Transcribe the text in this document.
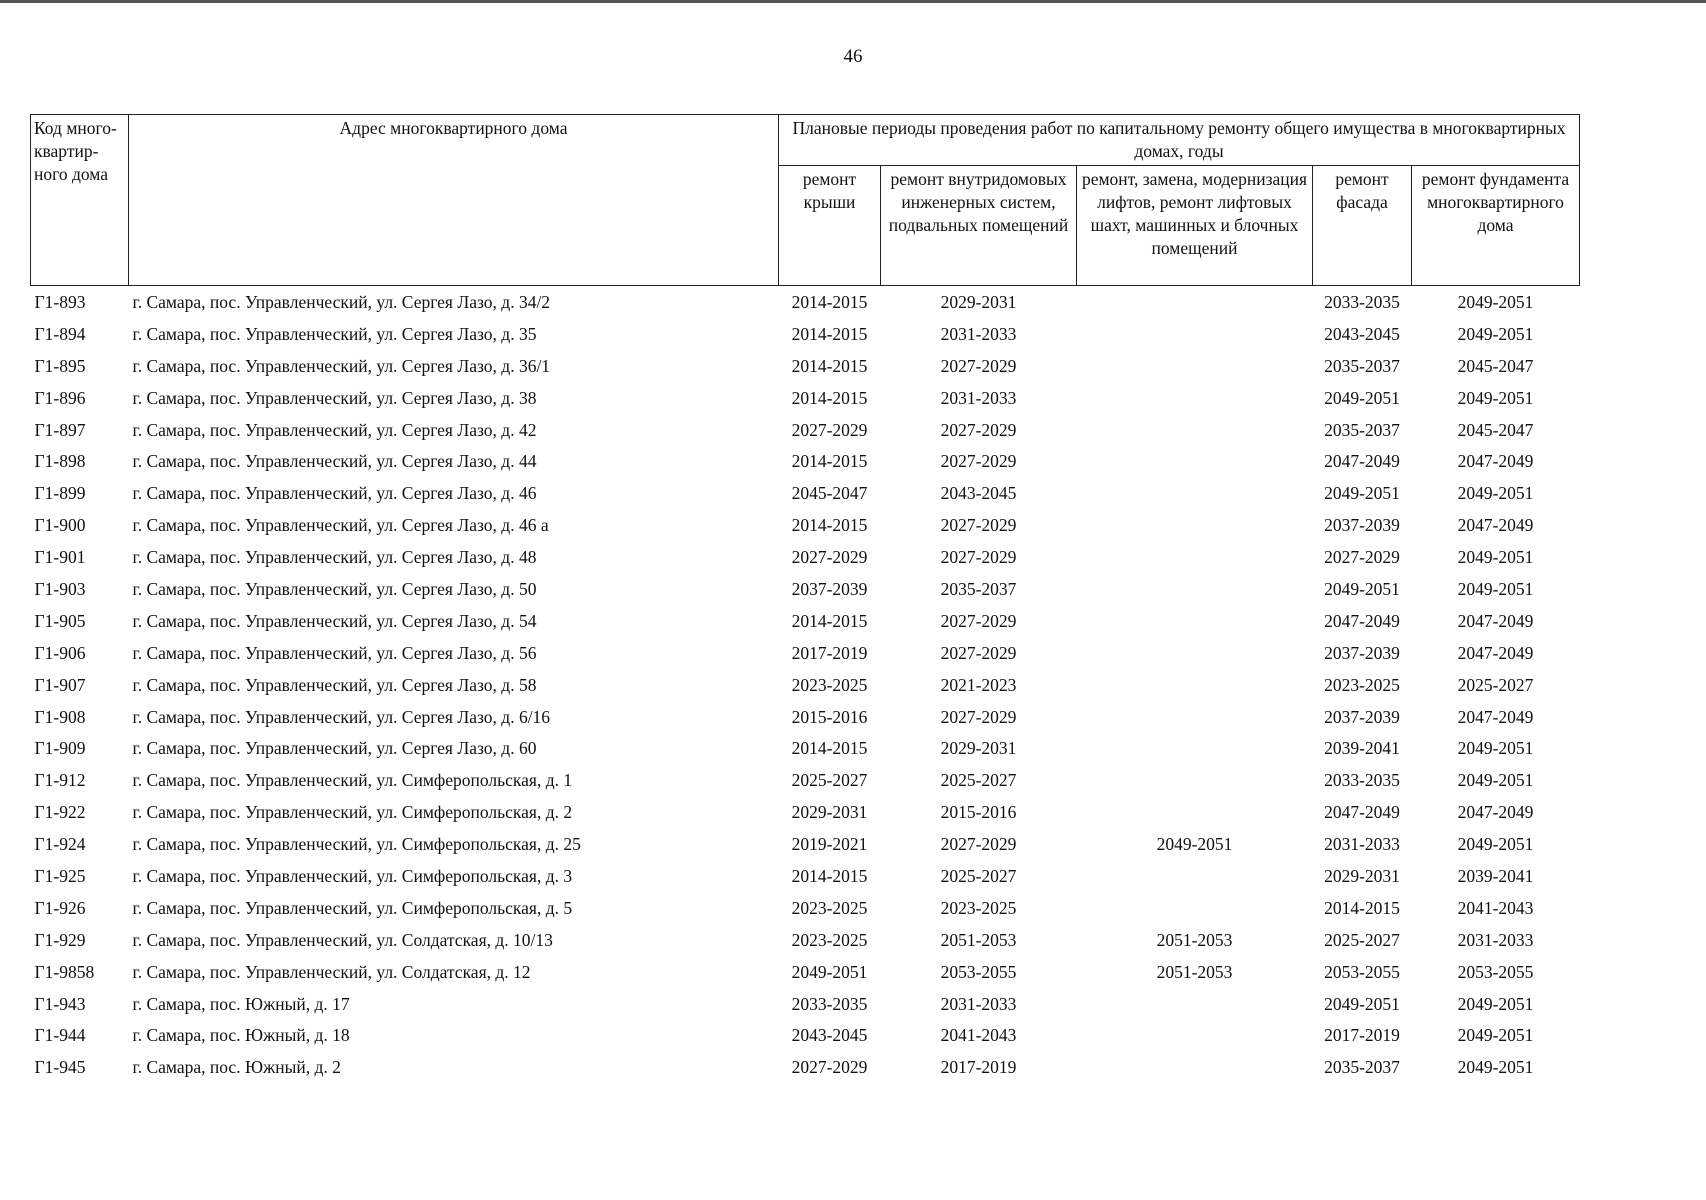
46
Код много-квартир-ного дома	Адрес многоквартирного дома	Плановые периоды проведения работ по капитальному ремонту общего имущества в многоквартирных домах, годы				
		ремонт крыши	ремонт внутридомовых инженерных систем, подвальных помещений	ремонт, замена, модернизация лифтов, ремонт лифтовых шахт, машинных и блочных помещений	ремонт фасада	ремонт фундамента многоквартирного дома
Г1-893	г. Самара, пос. Управленческий, ул. Сергея Лазо, д. 34/2	2014-2015	2029-2031		2033-2035	2049-2051
Г1-894	г. Самара, пос. Управленческий, ул. Сергея Лазо, д. 35	2014-2015	2031-2033		2043-2045	2049-2051
Г1-895	г. Самара, пос. Управленческий, ул. Сергея Лазо, д. 36/1	2014-2015	2027-2029		2035-2037	2045-2047
Г1-896	г. Самара, пос. Управленческий, ул. Сергея Лазо, д. 38	2014-2015	2031-2033		2049-2051	2049-2051
Г1-897	г. Самара, пос. Управленческий, ул. Сергея Лазо, д. 42	2027-2029	2027-2029		2035-2037	2045-2047
Г1-898	г. Самара, пос. Управленческий, ул. Сергея Лазо, д. 44	2014-2015	2027-2029		2047-2049	2047-2049
Г1-899	г. Самара, пос. Управленческий, ул. Сергея Лазо, д. 46	2045-2047	2043-2045		2049-2051	2049-2051
Г1-900	г. Самара, пос. Управленческий, ул. Сергея Лазо, д. 46 а	2014-2015	2027-2029		2037-2039	2047-2049
Г1-901	г. Самара, пос. Управленческий, ул. Сергея Лазо, д. 48	2027-2029	2027-2029		2027-2029	2049-2051
Г1-903	г. Самара, пос. Управленческий, ул. Сергея Лазо, д. 50	2037-2039	2035-2037		2049-2051	2049-2051
Г1-905	г. Самара, пос. Управленческий, ул. Сергея Лазо, д. 54	2014-2015	2027-2029		2047-2049	2047-2049
Г1-906	г. Самара, пос. Управленческий, ул. Сергея Лазо, д. 56	2017-2019	2027-2029		2037-2039	2047-2049
Г1-907	г. Самара, пос. Управленческий, ул. Сергея Лазо, д. 58	2023-2025	2021-2023		2023-2025	2025-2027
Г1-908	г. Самара, пос. Управленческий, ул. Сергея Лазо, д. 6/16	2015-2016	2027-2029		2037-2039	2047-2049
Г1-909	г. Самара, пос. Управленческий, ул. Сергея Лазо, д. 60	2014-2015	2029-2031		2039-2041	2049-2051
Г1-912	г. Самара, пос. Управленческий, ул. Симферопольская, д. 1	2025-2027	2025-2027		2033-2035	2049-2051
Г1-922	г. Самара, пос. Управленческий, ул. Симферопольская, д. 2	2029-2031	2015-2016		2047-2049	2047-2049
Г1-924	г. Самара, пос. Управленческий, ул. Симферопольская, д. 25	2019-2021	2027-2029	2049-2051	2031-2033	2049-2051
Г1-925	г. Самара, пос. Управленческий, ул. Симферопольская, д. 3	2014-2015	2025-2027		2029-2031	2039-2041
Г1-926	г. Самара, пос. Управленческий, ул. Симферопольская, д. 5	2023-2025	2023-2025		2014-2015	2041-2043
Г1-929	г. Самара, пос. Управленческий, ул. Солдатская, д. 10/13	2023-2025	2051-2053	2051-2053	2025-2027	2031-2033
Г1-9858	г. Самара, пос. Управленческий, ул. Солдатская, д. 12	2049-2051	2053-2055	2051-2053	2053-2055	2053-2055
Г1-943	г. Самара, пос. Южный, д. 17	2033-2035	2031-2033		2049-2051	2049-2051
Г1-944	г. Самара, пос. Южный, д. 18	2043-2045	2041-2043		2017-2019	2049-2051
Г1-945	г. Самара, пос. Южный, д. 2	2027-2029	2017-2019		2035-2037	2049-2051
